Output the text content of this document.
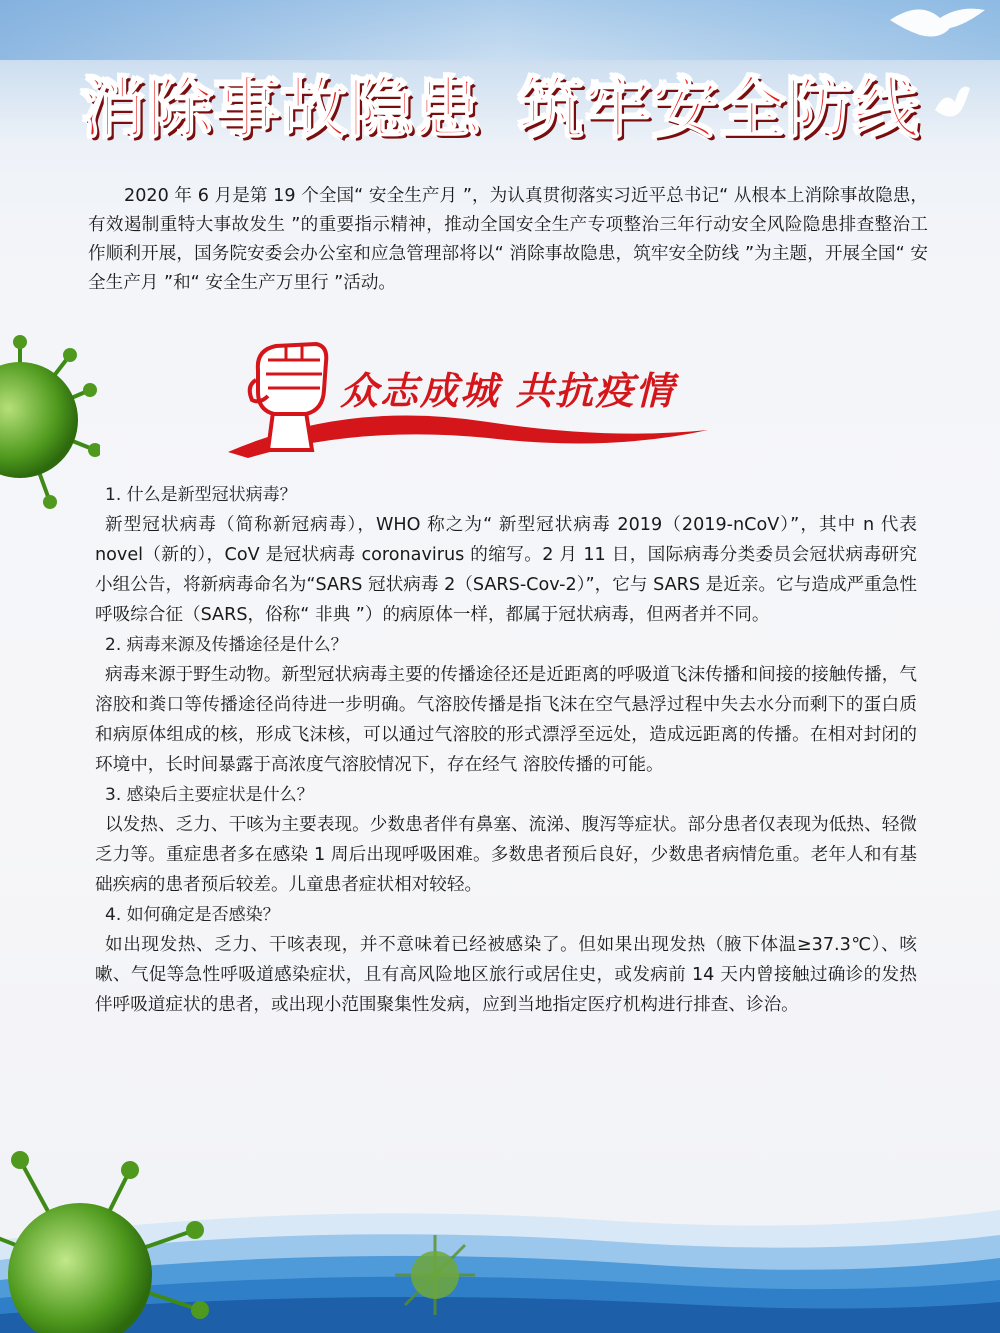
消除事故隐患 筑牢安全防线
2020 年 6 月是第 19 个全国“ 安全生产月 ”，为认真贯彻落实习近平总书记“ 从根本上消除事故隐患，有效遏制重特大事故发生 ”的重要指示精神，推动全国安全生产专项整治三年行动安全风险隐患排查整治工作顺利开展，国务院安委会办公室和应急管理部将以“ 消除事故隐患，筑牢安全防线 ”为主题，开展全国“ 安全生产月 ”和“ 安全生产万里行 ”活动。
众志成城 共抗疫情
1. 什么是新型冠状病毒？
新型冠状病毒（简称新冠病毒），WHO 称之为“ 新型冠状病毒 2019（2019-nCoV）”，其中 n 代表 novel（新的），CoV 是冠状病毒 coronavirus 的缩写。2 月 11 日，国际病毒分类委员会冠状病毒研究小组公告，将新病毒命名为“SARS 冠状病毒 2（SARS-Cov-2）”，它与 SARS 是近亲。它与造成严重急性呼吸综合征（SARS，俗称“ 非典 ”）的病原体一样，都属于冠状病毒，但两者并不同。
2. 病毒来源及传播途径是什么？
病毒来源于野生动物。新型冠状病毒主要的传播途径还是近距离的呼吸道飞沫传播和间接的接触传播，气溶胶和粪口等传播途径尚待进一步明确。气溶胶传播是指飞沫在空气悬浮过程中失去水分而剩下的蛋白质和病原体组成的核，形成飞沫核，可以通过气溶胶的形式漂浮至远处，造成远距离的传播。在相对封闭的环境中，长时间暴露于高浓度气溶胶情况下，存在经气 溶胶传播的可能。
3. 感染后主要症状是什么？
以发热、乏力、干咳为主要表现。少数患者伴有鼻塞、流涕、腹泻等症状。部分患者仅表现为低热、轻微乏力等。重症患者多在感染 1 周后出现呼吸困难。多数患者预后良好，少数患者病情危重。老年人和有基础疾病的患者预后较差。儿童患者症状相对较轻。
4. 如何确定是否感染？
如出现发热、乏力、干咳表现，并不意味着已经被感染了。但如果出现发热（腋下体温≥37.3℃）、咳嗽、气促等急性呼吸道感染症状，且有高风险地区旅行或居住史，或发病前 14 天内曾接触过确诊的发热伴呼吸道症状的患者，或出现小范围聚集性发病，应到当地指定医疗机构进行排查、诊治。
